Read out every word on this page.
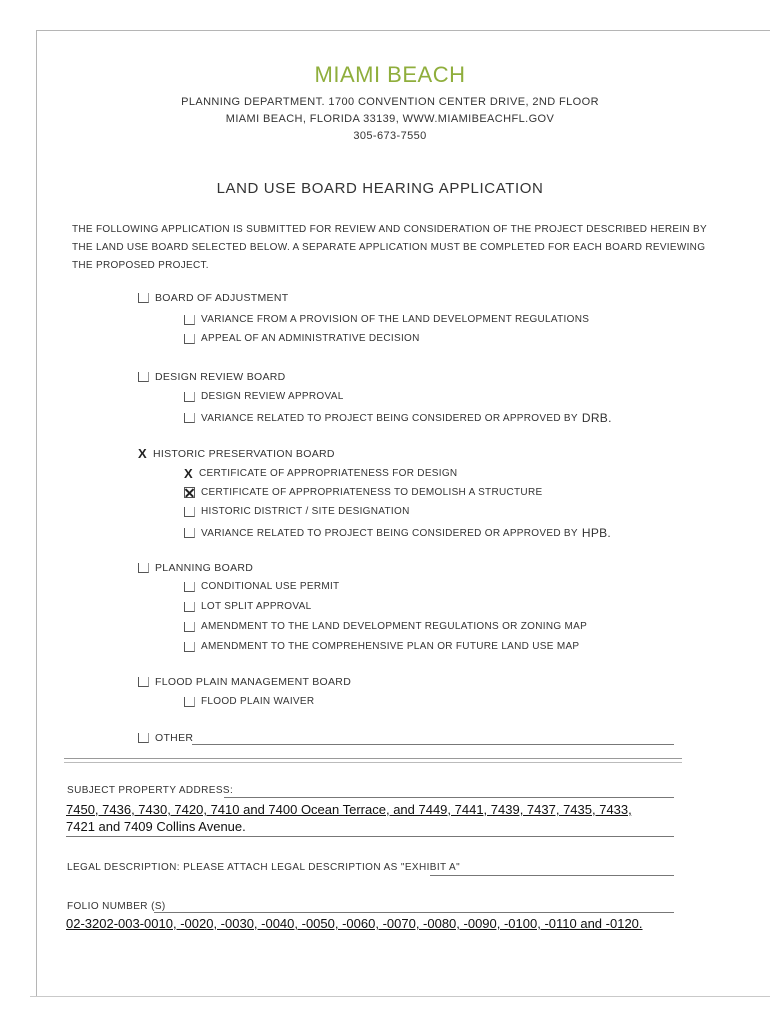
MIAMI BEACH
PLANNING DEPARTMENT. 1700 CONVENTION CENTER DRIVE, 2ND FLOOR
MIAMI BEACH, FLORIDA 33139, WWW.MIAMIBEACHFL.GOV
305-673-7550
LAND USE BOARD HEARING APPLICATION
THE FOLLOWING APPLICATION IS SUBMITTED FOR REVIEW AND CONSIDERATION OF THE PROJECT DESCRIBED HEREIN BY
THE LAND USE BOARD SELECTED BELOW. A SEPARATE APPLICATION MUST BE COMPLETED FOR EACH BOARD REVIEWING
THE PROPOSED PROJECT.
BOARD OF ADJUSTMENT
VARIANCE FROM A PROVISION OF THE LAND DEVELOPMENT REGULATIONS
APPEAL OF AN ADMINISTRATIVE DECISION
DESIGN REVIEW BOARD
DESIGN REVIEW APPROVAL
VARIANCE RELATED TO PROJECT BEING CONSIDERED OR APPROVED BY DRB.
X HISTORIC PRESERVATION BOARD
X CERTIFICATE OF APPROPRIATENESS FOR DESIGN
CERTIFICATE OF APPROPRIATENESS TO DEMOLISH A STRUCTURE
HISTORIC DISTRICT / SITE DESIGNATION
VARIANCE RELATED TO PROJECT BEING CONSIDERED OR APPROVED BY HPB.
PLANNING BOARD
CONDITIONAL USE PERMIT
LOT SPLIT APPROVAL
AMENDMENT TO THE LAND DEVELOPMENT REGULATIONS OR ZONING MAP
AMENDMENT TO THE COMPREHENSIVE PLAN OR FUTURE LAND USE MAP
FLOOD PLAIN MANAGEMENT BOARD
FLOOD PLAIN WAIVER
OTHER
SUBJECT PROPERTY ADDRESS:
7450, 7436, 7430, 7420, 7410 and 7400 Ocean Terrace, and 7449, 7441, 7439, 7437, 7435, 7433,
7421 and 7409 Collins Avenue.
LEGAL DESCRIPTION: PLEASE ATTACH LEGAL DESCRIPTION AS "EXHIBIT A"
FOLIO NUMBER (S)
02-3202-003-0010, -0020, -0030, -0040, -0050, -0060, -0070, -0080, -0090, -0100, -0110 and -0120.
